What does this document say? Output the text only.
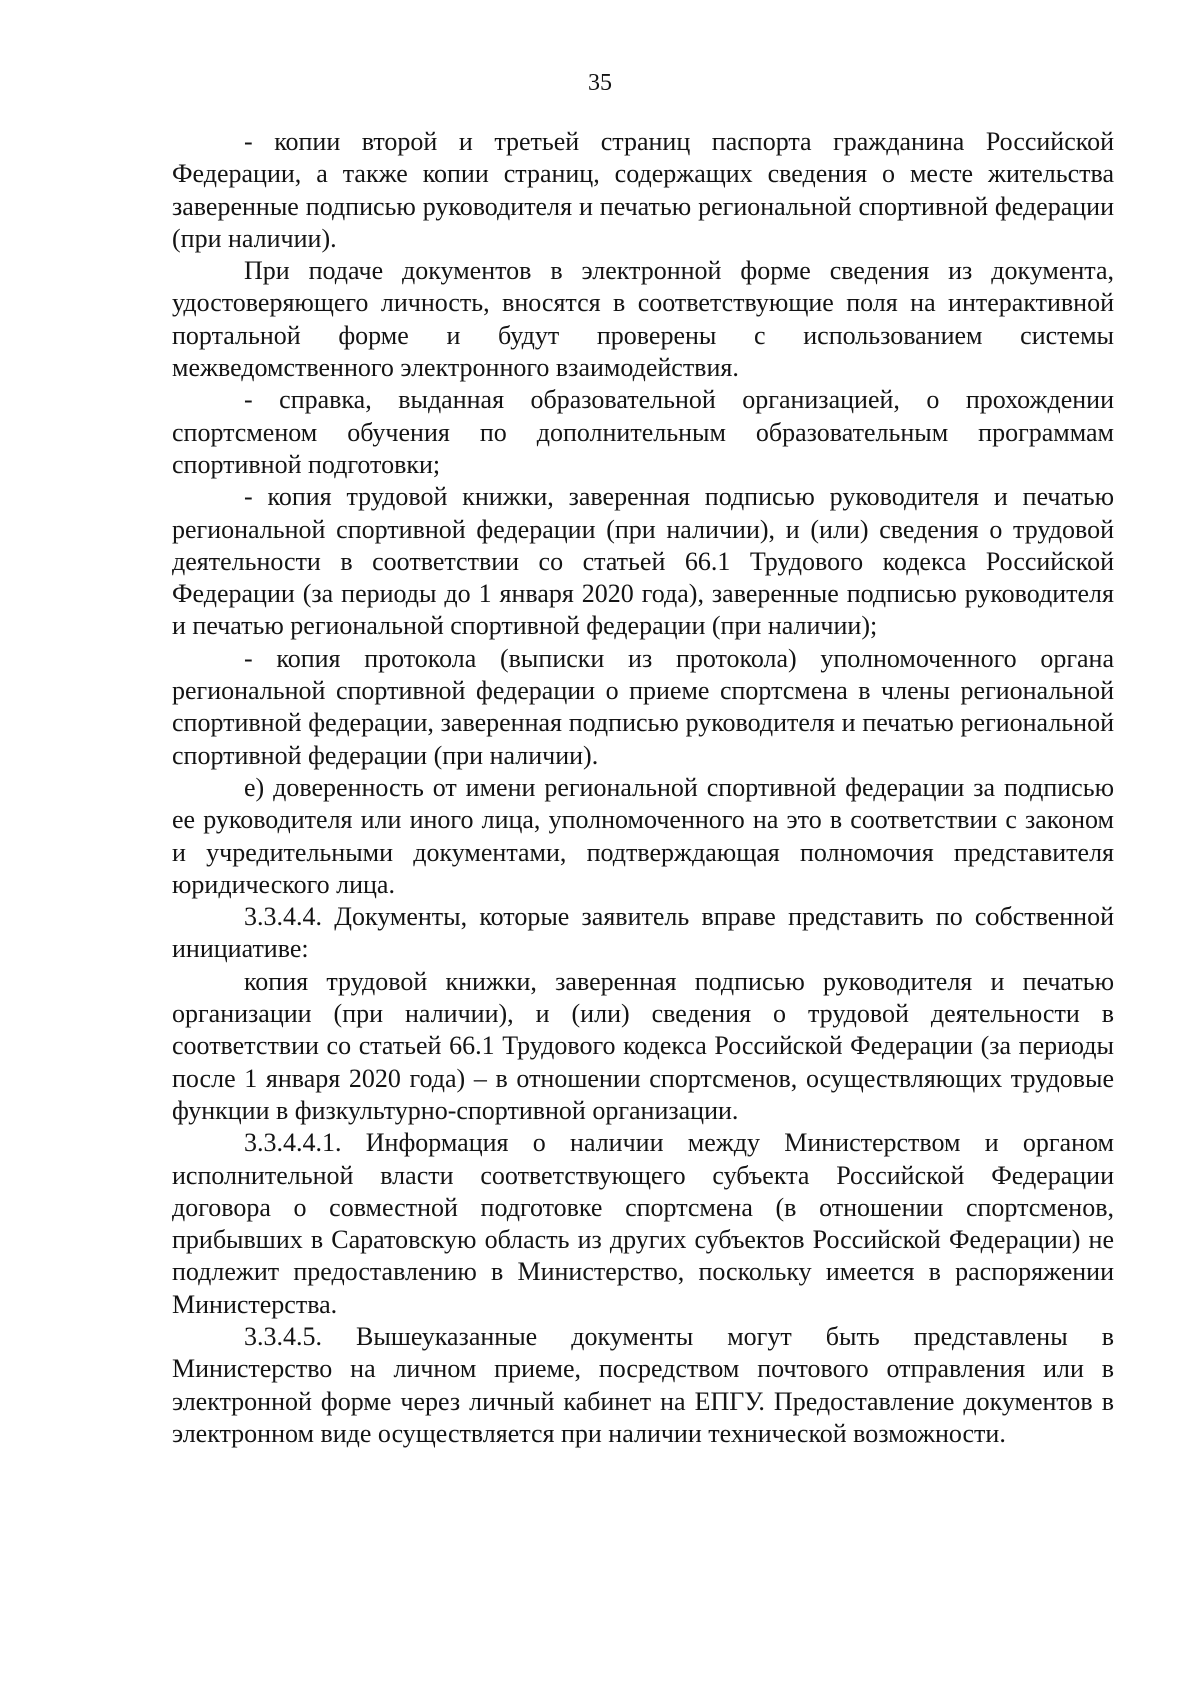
35

- копии второй и третьей страниц паспорта гражданина Российской Федерации, а также копии страниц, содержащих сведения о месте жительства заверенные подписью руководителя и печатью региональной спортивной федерации (при наличии).

При подаче документов в электронной форме сведения из документа, удостоверяющего личность, вносятся в соответствующие поля на интерактивной портальной форме и будут проверены с использованием системы межведомственного электронного взаимодействия.

- справка, выданная образовательной организацией, о прохождении спортсменом обучения по дополнительным образовательным программам спортивной подготовки;

- копия трудовой книжки, заверенная подписью руководителя и печатью региональной спортивной федерации (при наличии), и (или) сведения о трудовой деятельности в соответствии со статьей 66.1 Трудового кодекса Российской Федерации (за периоды до 1 января 2020 года), заверенные подписью руководителя и печатью региональной спортивной федерации (при наличии);

- копия протокола (выписки из протокола) уполномоченного органа региональной спортивной федерации о приеме спортсмена в члены региональной спортивной федерации, заверенная подписью руководителя и печатью региональной спортивной федерации (при наличии).

е) доверенность от имени региональной спортивной федерации за подписью ее руководителя или иного лица, уполномоченного на это в соответствии с законом и учредительными документами, подтверждающая полномочия представителя юридического лица.

3.3.4.4. Документы, которые заявитель вправе представить по собственной инициативе:

копия трудовой книжки, заверенная подписью руководителя и печатью организации (при наличии), и (или) сведения о трудовой деятельности в соответствии со статьей 66.1 Трудового кодекса Российской Федерации (за периоды после 1 января 2020 года) – в отношении спортсменов, осуществляющих трудовые функции в физкультурно-спортивной организации.

3.3.4.4.1. Информация о наличии между Министерством и органом исполнительной власти соответствующего субъекта Российской Федерации договора о совместной подготовке спортсмена (в отношении спортсменов, прибывших в Саратовскую область из других субъектов Российской Федерации) не подлежит предоставлению в Министерство, поскольку имеется в распоряжении Министерства.

3.3.4.5. Вышеуказанные документы могут быть представлены в Министерство на личном приеме, посредством почтового отправления или в электронной форме через личный кабинет на ЕПГУ. Предоставление документов в электронном виде осуществляется при наличии технической возможности.
